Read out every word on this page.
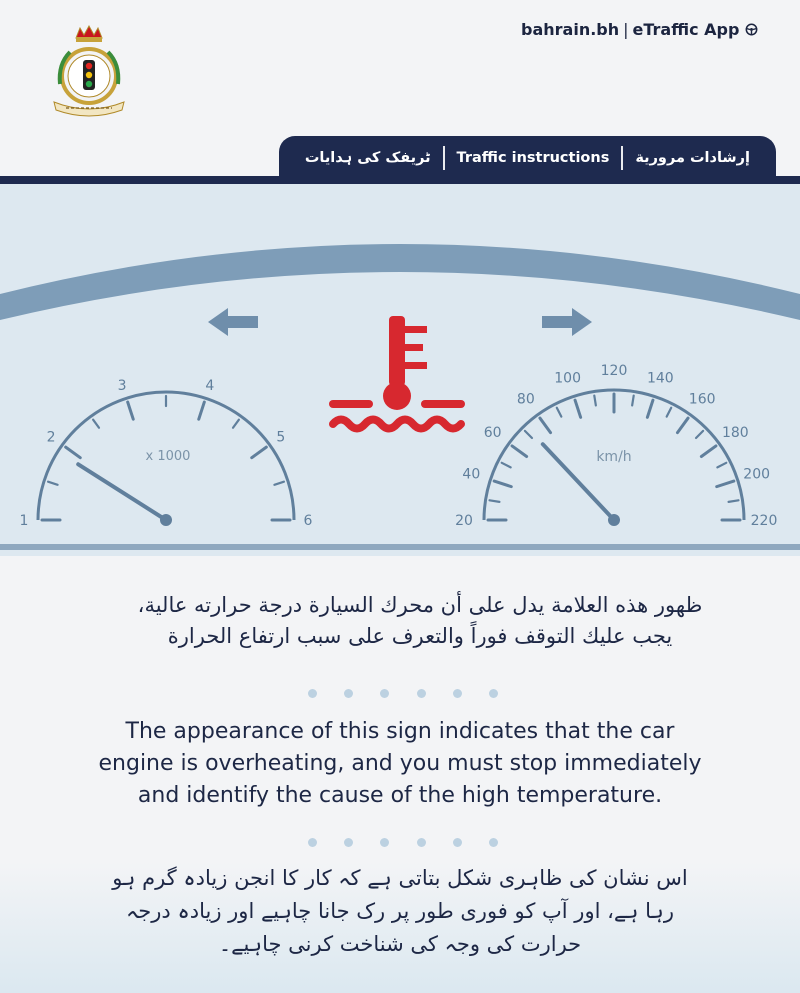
bahrain.bh | eTraffic App
ٹریفک کی ہدایات	Traffic instructions	إرشادات مرورية
x 1000
1
2
3	4
5
6
km/h
20
40
60
80
100 120 140
160
180
200
220
ظهور هذه العلامة يدل على أن محرك السيارة درجة حرارته عالية،
يجب عليك التوقف فوراً والتعرف على سبب ارتفاع الحرارة
The appearance of this sign indicates that the car
engine is overheating, and you must stop immediately
and identify the cause of the high temperature.
اس نشان کی ظاہری شکل بتاتی ہے کہ کار کا انجن زیادہ گرم ہو
رہا ہے، اور آپ کو فوری طور پر رک جانا چاہیے اور زیادہ درجہ
حرارت کی وجہ کی شناخت کرنی چاہیے۔
